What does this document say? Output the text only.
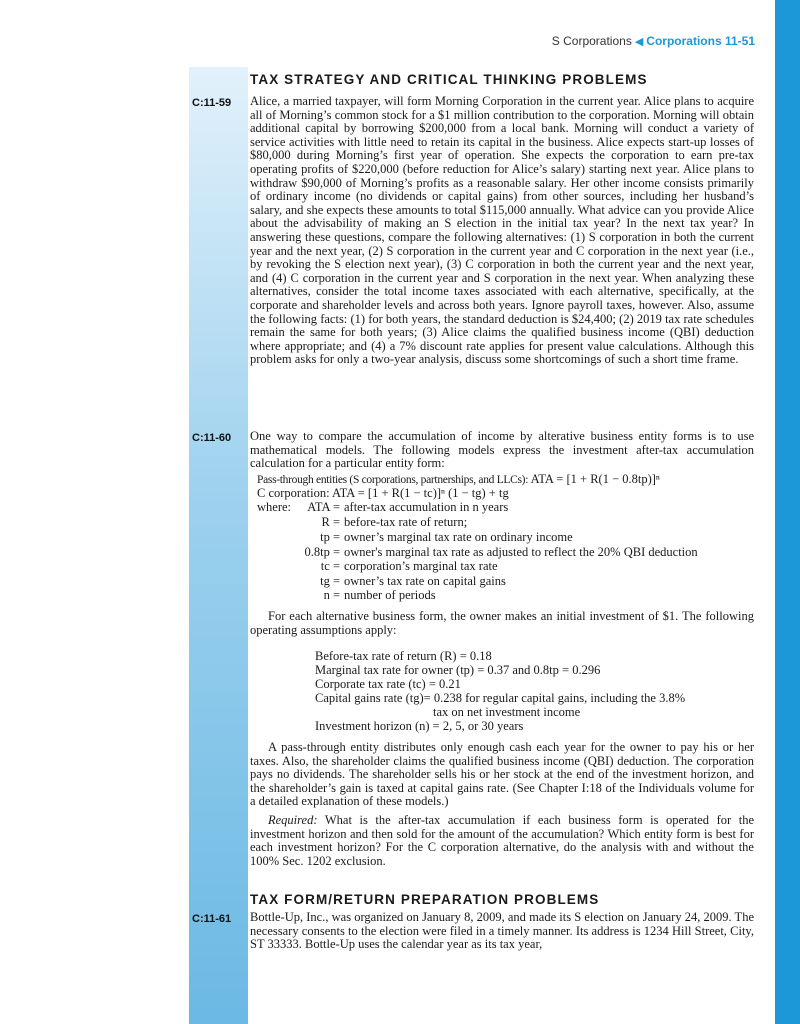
S Corporations ◀ Corporations 11-51
TAX STRATEGY AND CRITICAL THINKING PROBLEMS
C:11-59 Alice, a married taxpayer, will form Morning Corporation in the current year. Alice plans to acquire all of Morning’s common stock for a $1 million contribution to the corporation. Morning will obtain additional capital by borrowing $200,000 from a local bank. Morning will conduct a variety of service activities with little need to retain its capital in the business. Alice expects start-up losses of $80,000 during Morning’s first year of operation. She expects the corporation to earn pre-tax operating profits of $220,000 (before reduction for Alice’s salary) starting next year. Alice plans to withdraw $90,000 of Morning’s profits as a reasonable salary. Her other income consists primarily of ordinary income (no dividends or capital gains) from other sources, including her husband’s salary, and she expects these amounts to total $115,000 annually. What advice can you provide Alice about the advisability of making an S election in the initial tax year? In the next tax year? In answering these questions, compare the following alternatives: (1) S corporation in both the current year and the next year, (2) S corporation in the current year and C corporation in the next year (i.e., by revoking the S election next year), (3) C corporation in both the current year and the next year, and (4) C corporation in the current year and S corporation in the next year. When analyzing these alternatives, consider the total income taxes associated with each alternative, specifically, at the corporate and shareholder levels and across both years. Ignore payroll taxes, however. Also, assume the following facts: (1) for both years, the standard deduction is $24,400; (2) 2019 tax rate schedules remain the same for both years; (3) Alice claims the qualified business income (QBI) deduction where appropriate; and (4) a 7% discount rate applies for present value calculations. Although this problem asks for only a two-year analysis, discuss some shortcomings of such a short time frame.

C:11-60 One way to compare the accumulation of income by alterative business entity forms is to use mathematical models. The following models express the investment after-tax accumulation calculation for a particular entity form:

Pass-through entities (S corporations, partnerships, and LLCs): ATA = [1 + R(1 − 0.8tp)]ⁿ
C corporation: ATA = [1 + R(1 − tc)]ⁿ (1 − tg) + tg
where:	ATA = after-tax accumulation in n years
R = before-tax rate of return;
tp = owner’s marginal tax rate on ordinary income
0.8tp = owner's marginal tax rate as adjusted to reflect the 20% QBI deduction
tc = corporation’s marginal tax rate
tg = owner’s tax rate on capital gains
n = number of periods

For each alternative business form, the owner makes an initial investment of $1. The following operating assumptions apply:

Before-tax rate of return (R) = 0.18
Marginal tax rate for owner (tp) = 0.37 and 0.8tp = 0.296
Corporate tax rate (tc) = 0.21
Capital gains rate (tg)= 0.238 for regular capital gains, including the 3.8%
tax on net investment income
Investment horizon (n) = 2, 5, or 30 years

A pass-through entity distributes only enough cash each year for the owner to pay his or her taxes. Also, the shareholder claims the qualified business income (QBI) deduction. The corporation pays no dividends. The shareholder sells his or her stock at the end of the investment horizon, and the shareholder’s gain is taxed at capital gains rate. (See Chapter I:18 of the Individuals volume for a detailed explanation of these models.)

Required: What is the after-tax accumulation if each business form is operated for the investment horizon and then sold for the amount of the accumulation? Which entity form is best for each investment horizon? For the C corporation alternative, do the analysis with and without the 100% Sec. 1202 exclusion.

TAX FORM/RETURN PREPARATION PROBLEMS
C:11-61 Bottle-Up, Inc., was organized on January 8, 2009, and made its S election on January 24, 2009. The necessary consents to the election were filed in a timely manner. Its address is 1234 Hill Street, City, ST 33333. Bottle-Up uses the calendar year as its tax year,
